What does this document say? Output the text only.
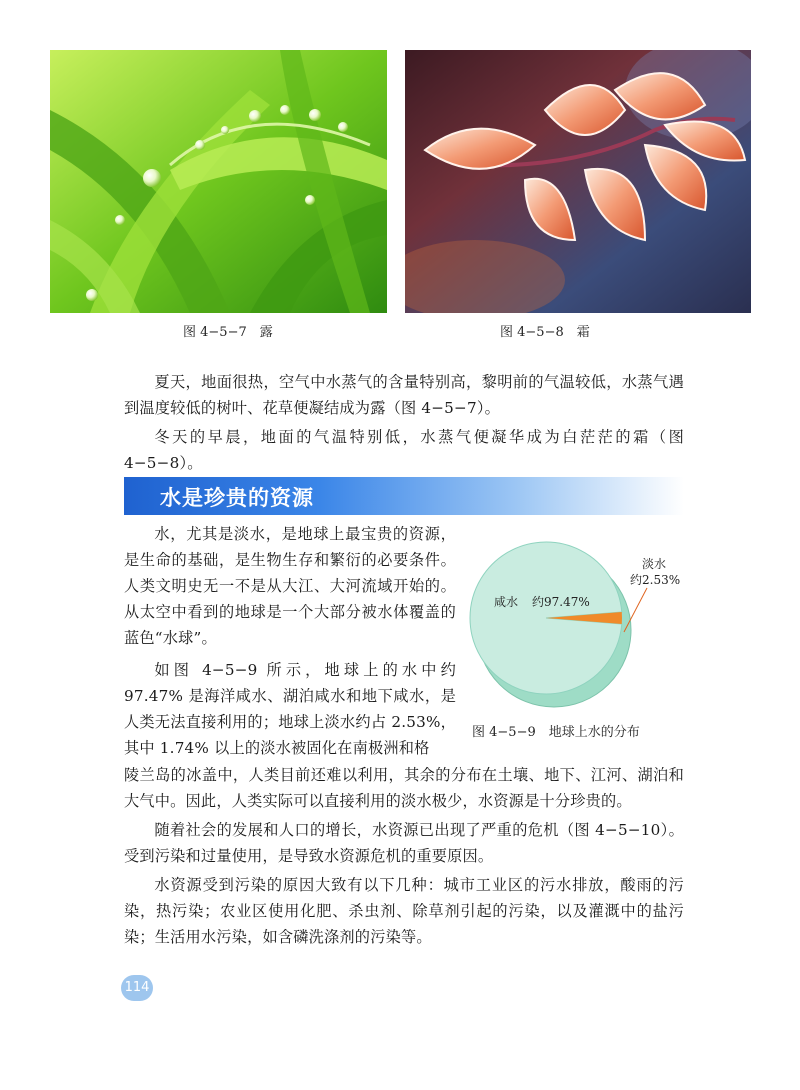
图 4−5−7　露	图 4−5−8　霜

夏天，地面很热，空气中水蒸气的含量特别高，黎明前的气温较低，水蒸气遇到温度较低的树叶、花草便凝结成为露（图 4−5−7）。

冬天的早晨，地面的气温特别低，水蒸气便凝华成为白茫茫的霜（图 4−5−8）。

水是珍贵的资源

水，尤其是淡水，是地球上最宝贵的资源，是生命的基础，是生物生存和繁衍的必要条件。人类文明史无一不是从大江、大河流域开始的。从太空中看到的地球是一个大部分被水体覆盖的蓝色“水球”。

如图 4−5−9 所示，地球上的水中约 97.47% 是海洋咸水、湖泊咸水和地下咸水，是人类无法直接利用的；地球上淡水约占 2.53%，其中 1.74% 以上的淡水被固化在南极洲和格

陵兰岛的冰盖中，人类目前还难以利用，其余的分布在土壤、地下、江河、湖泊和大气中。因此，人类实际可以直接利用的淡水极少，水资源是十分珍贵的。

随着社会的发展和人口的增长，水资源已出现了严重的危机（图 4−5−10）。受到污染和过量使用，是导致水资源危机的重要原因。

水资源受到污染的原因大致有以下几种：城市工业区的污水排放，酸雨的污染，热污染；农业区使用化肥、杀虫剂、除草剂引起的污染，以及灌溉中的盐污染；生活用水污染，如含磷洗涤剂的污染等。

咸水 约97.47%
淡水
约2.53%
图 4−5−9　地球上水的分布
114
